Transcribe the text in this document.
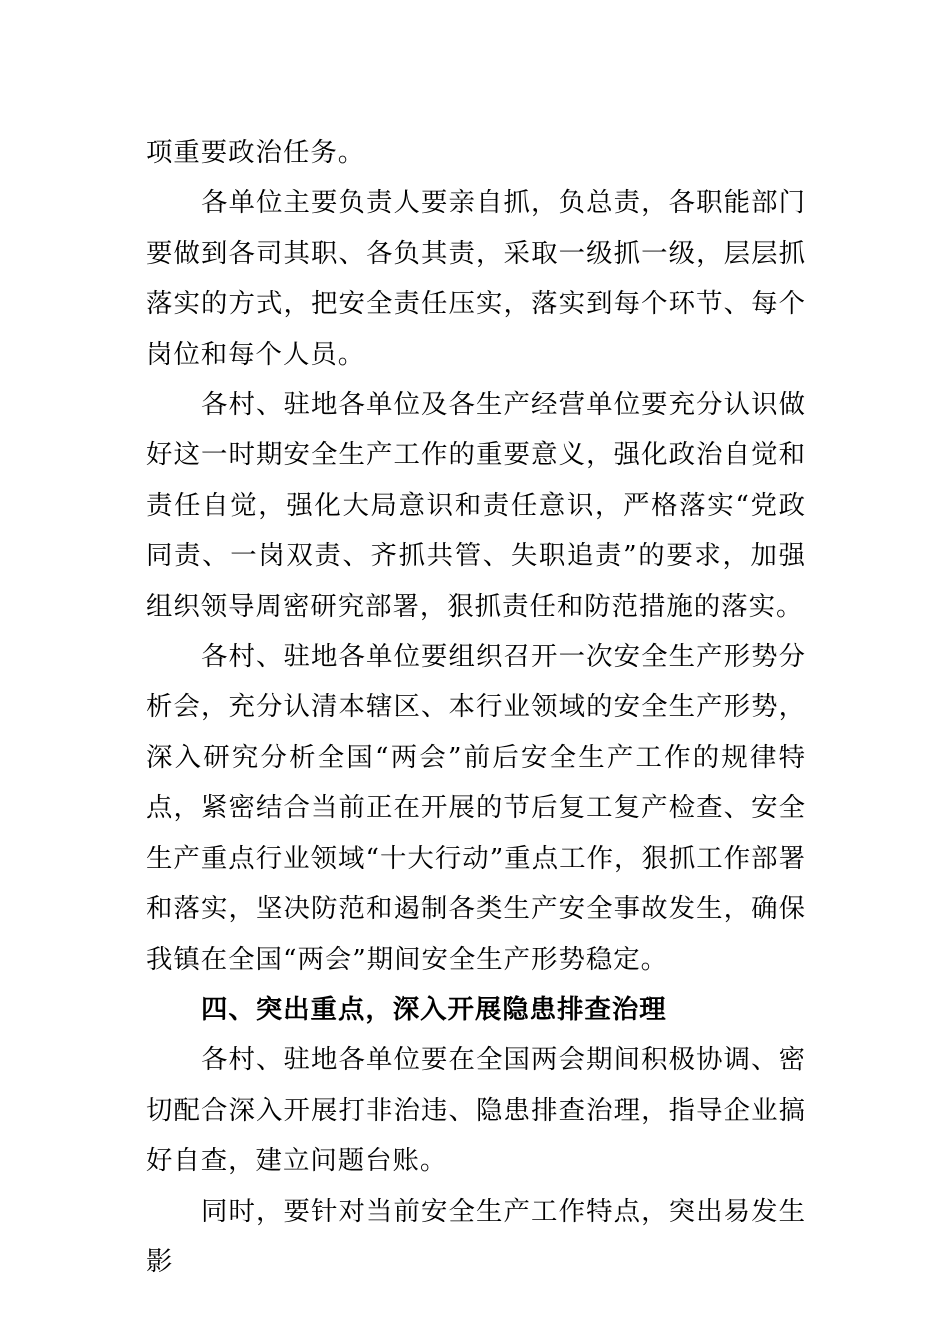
项重要政治任务。

各单位主要负责人要亲自抓，负总责，各职能部门要做到各司其职、各负其责，采取一级抓一级，层层抓落实的方式，把安全责任压实，落实到每个环节、每个岗位和每个人员。

各村、驻地各单位及各生产经营单位要充分认识做好这一时期安全生产工作的重要意义，强化政治自觉和责任自觉，强化大局意识和责任意识，严格落实“党政同责、一岗双责、齐抓共管、失职追责”的要求，加强组织领导周密研究部署，狠抓责任和防范措施的落实。

各村、驻地各单位要组织召开一次安全生产形势分析会，充分认清本辖区、本行业领域的安全生产形势，深入研究分析全国“两会”前后安全生产工作的规律特点，紧密结合当前正在开展的节后复工复产检查、安全生产重点行业领域“十大行动”重点工作，狠抓工作部署和落实，坚决防范和遏制各类生产安全事故发生，确保我镇在全国“两会”期间安全生产形势稳定。

四、突出重点，深入开展隐患排查治理

各村、驻地各单位要在全国两会期间积极协调、密切配合深入开展打非治违、隐患排查治理，指导企业搞好自查，建立问题台账。

同时，要针对当前安全生产工作特点，突出易发生影
